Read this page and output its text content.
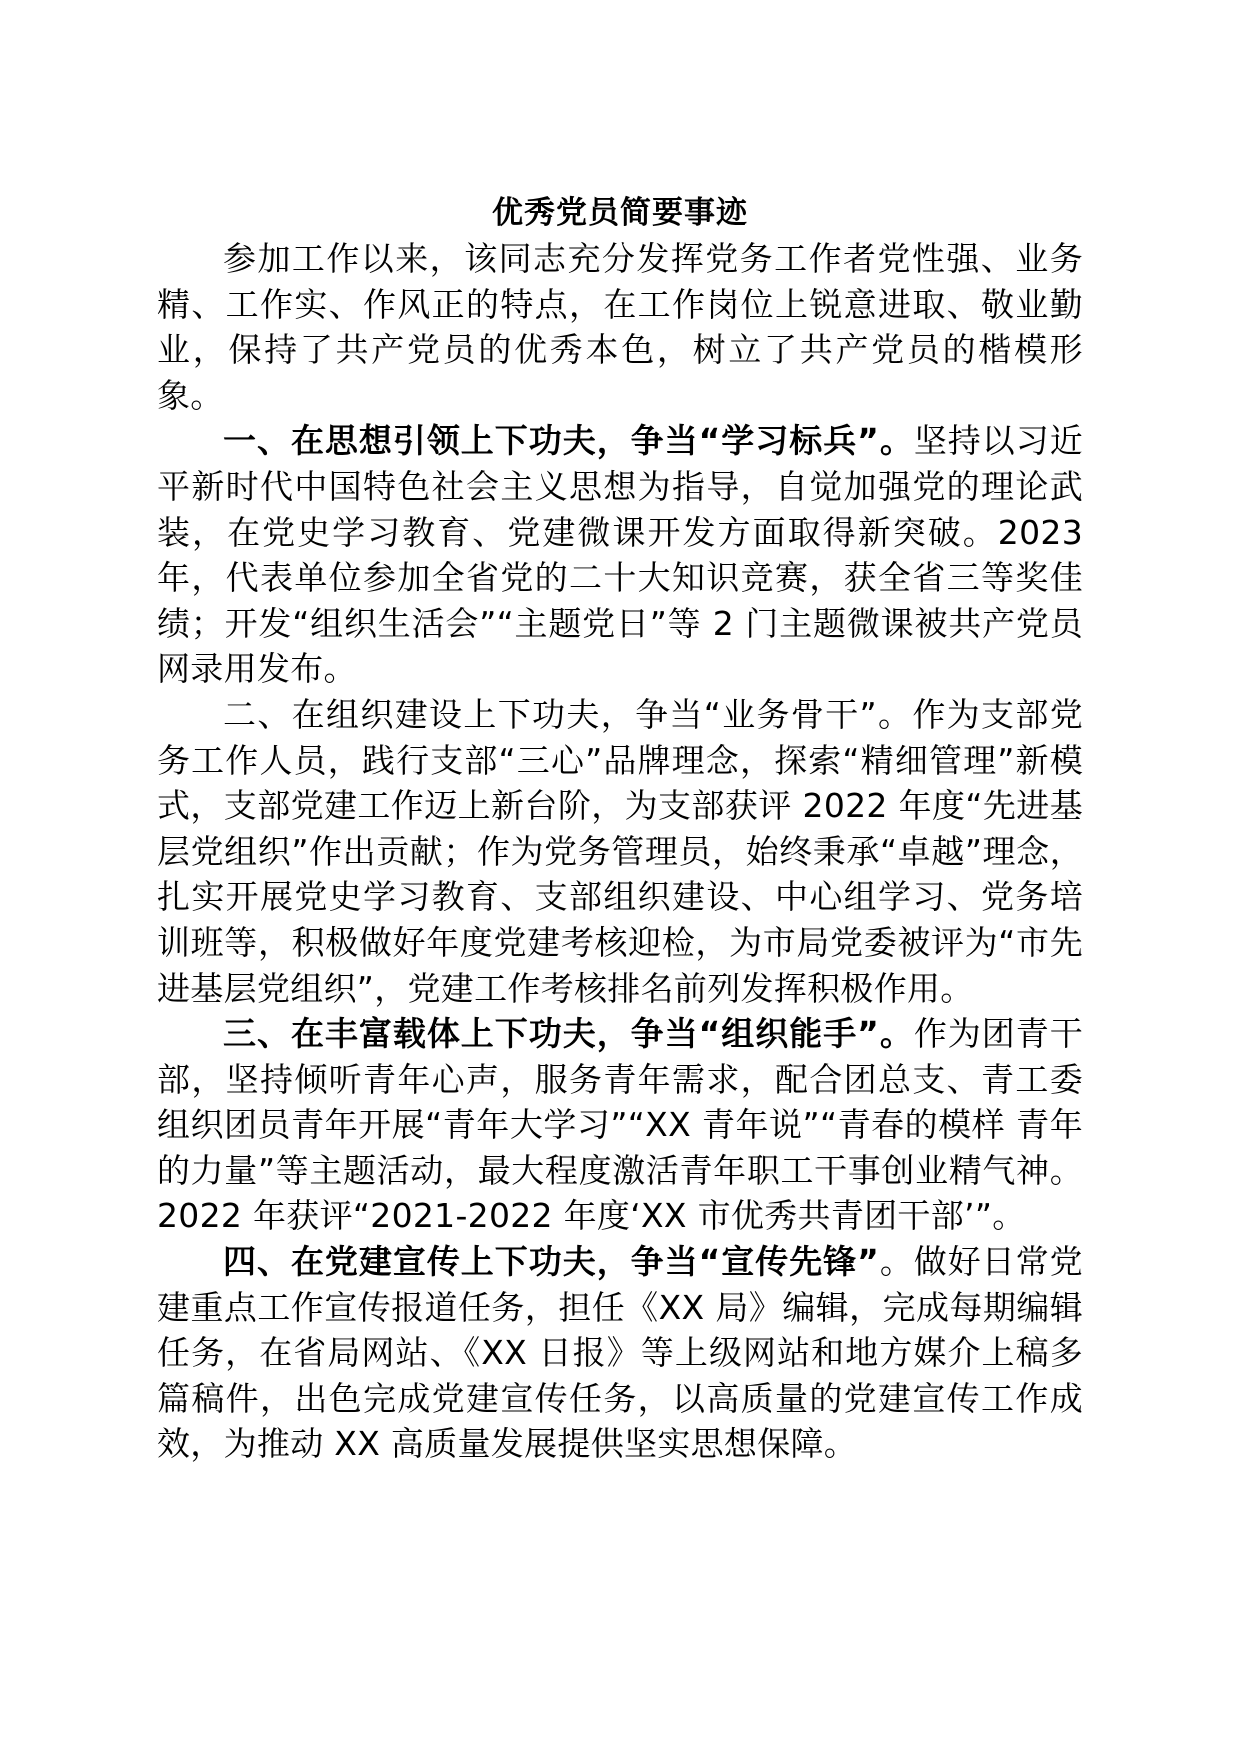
优秀党员简要事迹

参加工作以来，该同志充分发挥党务工作者党性强、业务精、工作实、作风正的特点，在工作岗位上锐意进取、敬业勤业，保持了共产党员的优秀本色，树立了共产党员的楷模形象。

一、在思想引领上下功夫，争当“学习标兵”。坚持以习近平新时代中国特色社会主义思想为指导，自觉加强党的理论武装，在党史学习教育、党建微课开发方面取得新突破。2023年，代表单位参加全省党的二十大知识竞赛，获全省三等奖佳绩；开发“组织生活会”“主题党日”等 2 门主题微课被共产党员网录用发布。

二、在组织建设上下功夫，争当“业务骨干”。作为支部党务工作人员，践行支部“三心”品牌理念，探索“精细管理”新模式，支部党建工作迈上新台阶，为支部获评 2022 年度“先进基层党组织”作出贡献；作为党务管理员，始终秉承“卓越”理念，扎实开展党史学习教育、支部组织建设、中心组学习、党务培训班等，积极做好年度党建考核迎检，为市局党委被评为“市先进基层党组织”，党建工作考核排名前列发挥积极作用。

三、在丰富载体上下功夫，争当“组织能手”。作为团青干部，坚持倾听青年心声，服务青年需求，配合团总支、青工委组织团员青年开展“青年大学习”“XX 青年说”“青春的模样 青年的力量”等主题活动，最大程度激活青年职工干事创业精气神。2022 年获评“2021-2022 年度‘XX 市优秀共青团干部’”。

四、在党建宣传上下功夫，争当“宣传先锋”。做好日常党建重点工作宣传报道任务，担任《XX 局》编辑，完成每期编辑任务，在省局网站、《XX 日报》等上级网站和地方媒介上稿多篇稿件，出色完成党建宣传任务，以高质量的党建宣传工作成效，为推动 XX 高质量发展提供坚实思想保障。
